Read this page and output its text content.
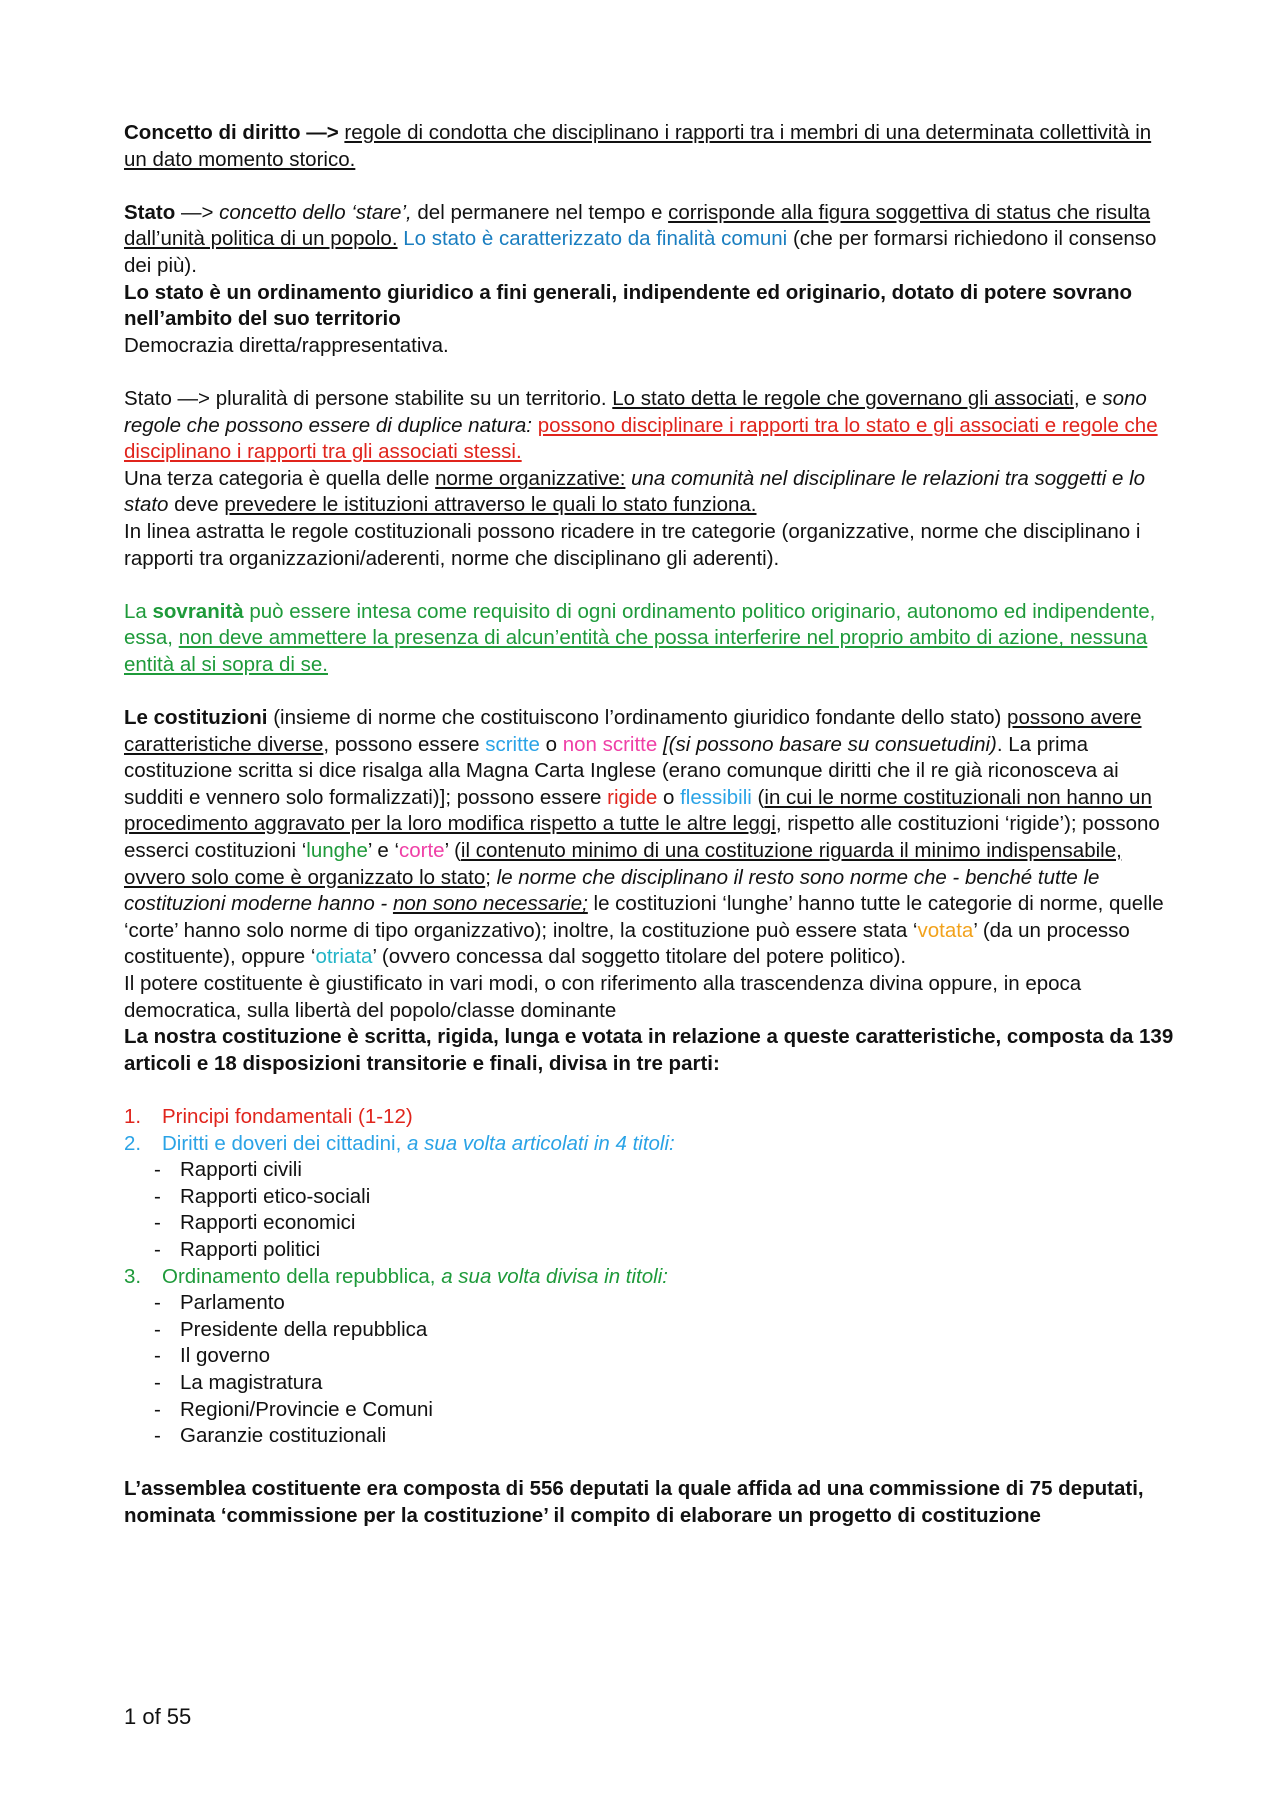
Concetto di diritto —> regole di condotta che disciplinano i rapporti tra i membri di una determinata collettività in un dato momento storico.

Stato —> concetto dello ‘stare’, del permanere nel tempo e corrisponde alla figura soggettiva di status che risulta dall’unità politica di un popolo. Lo stato è caratterizzato da finalità comuni (che per formarsi richiedono il consenso dei più).

Lo stato è un ordinamento giuridico a fini generali, indipendente ed originario, dotato di potere sovrano nell’ambito del suo territorio

Democrazia diretta/rappresentativa.

Stato —> pluralità di persone stabilite su un territorio. Lo stato detta le regole che governano gli associati, e sono regole che possono essere di duplice natura: possono disciplinare i rapporti tra lo stato e gli associati e regole che disciplinano i rapporti tra gli associati stessi.

Una terza categoria è quella delle norme organizzative: una comunità nel disciplinare le relazioni tra soggetti e lo stato deve prevedere le istituzioni attraverso le quali lo stato funziona.

In linea astratta le regole costituzionali possono ricadere in tre categorie (organizzative, norme che disciplinano i rapporti tra organizzazioni/aderenti, norme che disciplinano gli aderenti).

La sovranità può essere intesa come requisito di ogni ordinamento politico originario, autonomo ed indipendente, essa, non deve ammettere la presenza di alcun’entità che possa interferire nel proprio ambito di azione, nessuna entità al si sopra di se.

Le costituzioni (insieme di norme che costituiscono l’ordinamento giuridico fondante dello stato) possono avere caratteristiche diverse, possono essere scritte o non scritte [(si possono basare su consuetudini). La prima costituzione scritta si dice risalga alla Magna Carta Inglese (erano comunque diritti che il re già riconosceva ai sudditi e vennero solo formalizzati)]; possono essere rigide o flessibili (in cui le norme costituzionali non hanno un procedimento aggravato per la loro modifica rispetto a tutte le altre leggi, rispetto alle costituzioni ‘rigide’); possono esserci costituzioni ‘lunghe’ e ‘corte’ (il contenuto minimo di una costituzione riguarda il minimo indispensabile, ovvero solo come è organizzato lo stato; le norme che disciplinano il resto sono norme che - benché tutte le costituzioni moderne hanno - non sono necessarie; le costituzioni ‘lunghe’ hanno tutte le categorie di norme, quelle ‘corte’ hanno solo norme di tipo organizzativo); inoltre, la costituzione può essere stata ‘votata’ (da un processo costituente), oppure ‘otriata’ (ovvero concessa dal soggetto titolare del potere politico).

Il potere costituente è giustificato in vari modi, o con riferimento alla trascendenza divina oppure, in epoca democratica, sulla libertà del popolo/classe dominante

La nostra costituzione è scritta, rigida, lunga e votata in relazione a queste caratteristiche, composta da 139 articoli e 18 disposizioni transitorie e finali, divisa in tre parti:

1. Principi fondamentali (1-12)
2. Diritti e doveri dei cittadini, a sua volta articolati in 4 titoli:
- Rapporti civili
- Rapporti etico-sociali
- Rapporti economici
- Rapporti politici
3. Ordinamento della repubblica, a sua volta divisa in titoli:
- Parlamento
- Presidente della repubblica
- Il governo
- La magistratura
- Regioni/Provincie e Comuni
- Garanzie costituzionali

L’assemblea costituente era composta di 556 deputati la quale affida ad una commissione di 75 deputati, nominata ‘commissione per la costituzione’ il compito di elaborare un progetto di costituzione

1 of 55
